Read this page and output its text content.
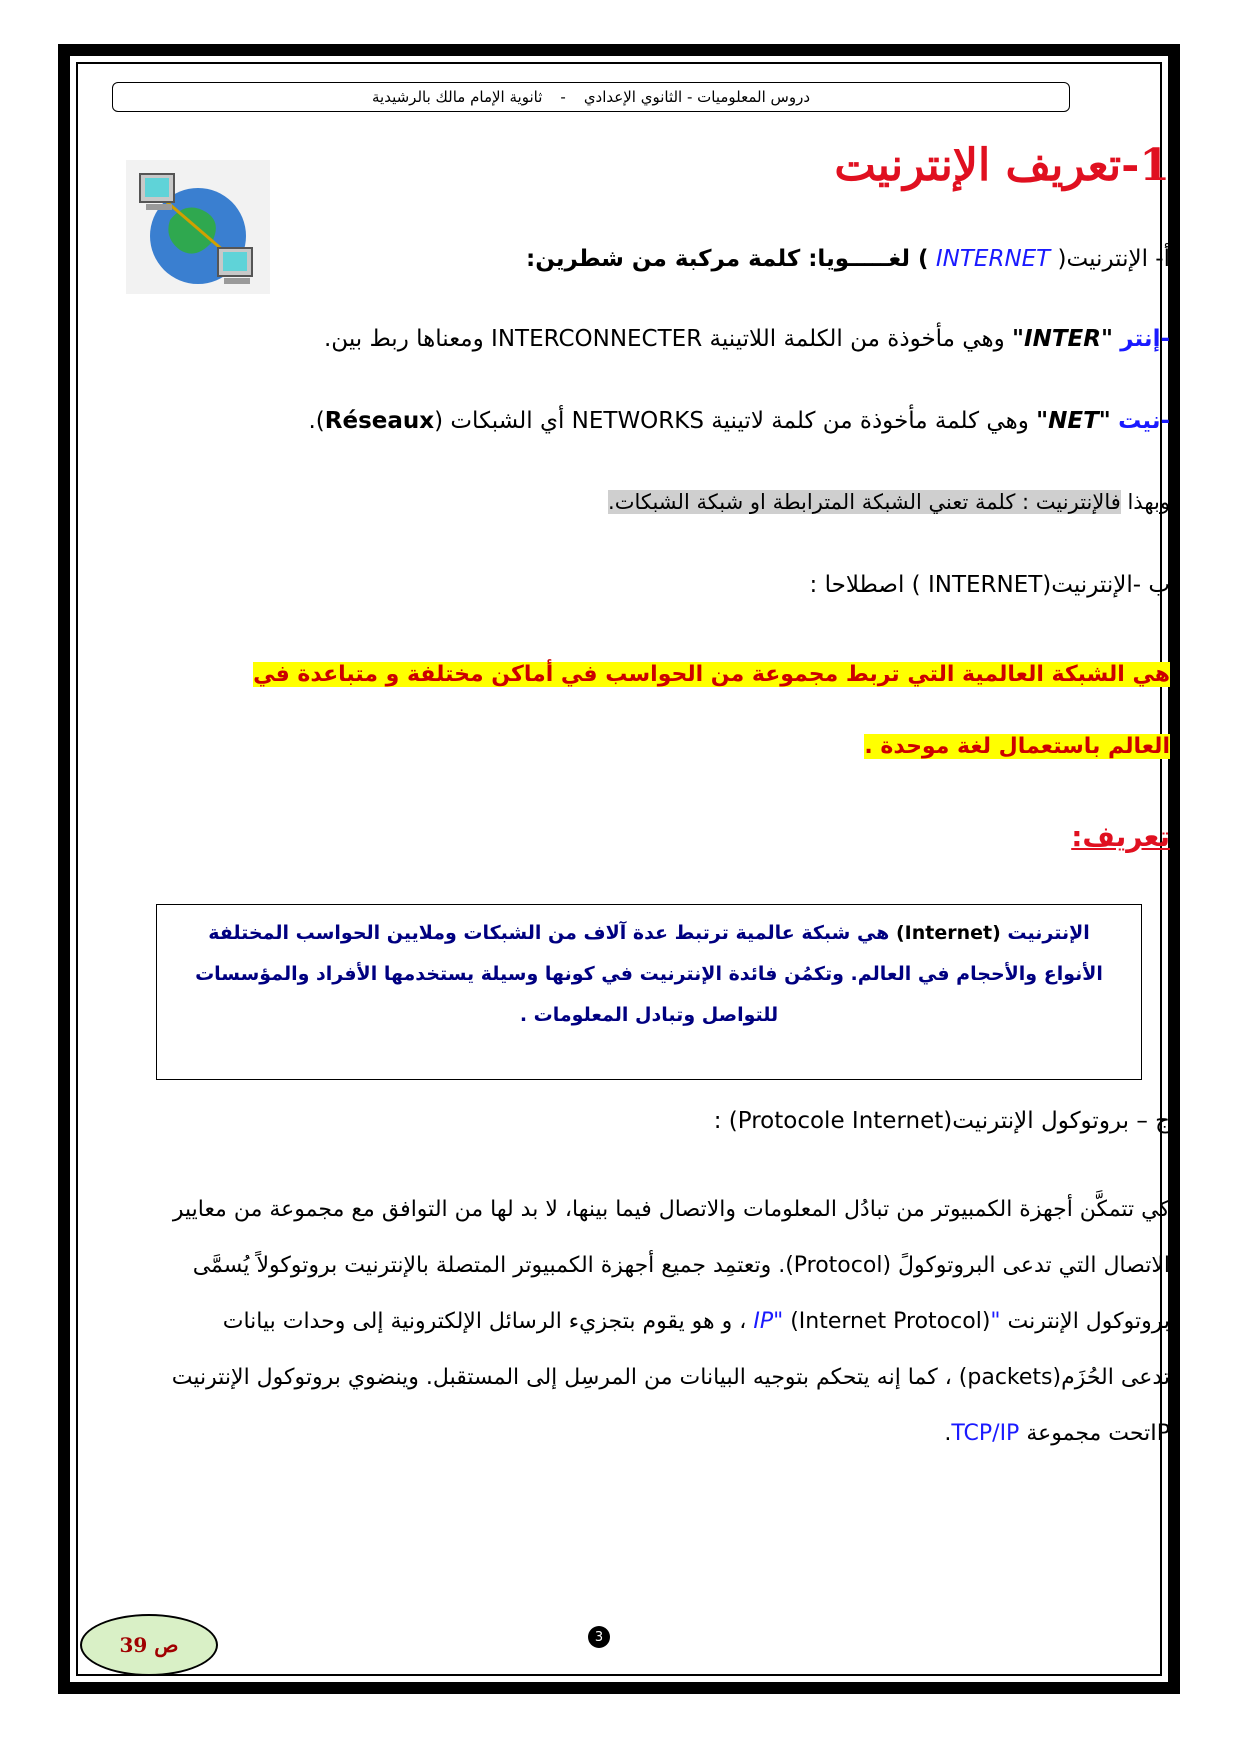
دروس المعلوميات - الثانوي الإعدادي
-
ثانوية الإمام مالك بالرشيدية
1-تعريف الإنترنيت
أ- الإنترنيت( INTERNET ) لغـــــويا: كلمة مركبة من شطرين:
-إنتر "INTER" وهي مأخوذة من الكلمة اللاتينية INTERCONNECTER ومعناها ربط بين.
-نيت "NET" وهي كلمة مأخوذة من كلمة لاتينية NETWORKS أي الشبكات (Réseaux).
وبهذا فالإنترنيت : كلمة تعني الشبكة المترابطة او شبكة الشبكات.
ب -الإنترنيت(INTERNET ) اصطلاحا :
هي الشبكة العالمية التي تربط مجموعة من الحواسب في أماكن مختلفة و متباعدة في
العالم باستعمال لغة موحدة .
تعريف:
الإنترنيت (Internet) هي شبكة عالمية ترتبط عدة آلاف من الشبكات وملايين الحواسب المختلفة
الأنواع والأحجام في العالم. وتكمُن فائدة الإنترنيت في كونها وسيلة يستخدمها الأفراد والمؤسسات
للتواصل وتبادل المعلومات .
ج – بروتوكول الإنترنيت(Protocole Internet) :
كي تتمكَّن أجهزة الكمبيوتر من تبادُل المعلومات والاتصال فيما بينها، لا بد لها من التوافق مع مجموعة من معايير
الاتصال التي تدعى البروتوكولً (Protocol). وتعتمِد جميع أجهزة الكمبيوتر المتصلة بالإنترنيت بروتوكولاً يُسمَّى
بروتوكول الإنترنت "IP" (Internet Protocol) ، و هو يقوم بتجزيء الرسائل الإلكترونية إلى وحدات بيانات
تدعى الحُزَم(packets) ، كما إنه يتحكم بتوجيه البيانات من المرسِل إلى المستقبل. وينضوي بروتوكول الإنترنيت
IPتحت مجموعة TCP/IP.
ص 39	3
